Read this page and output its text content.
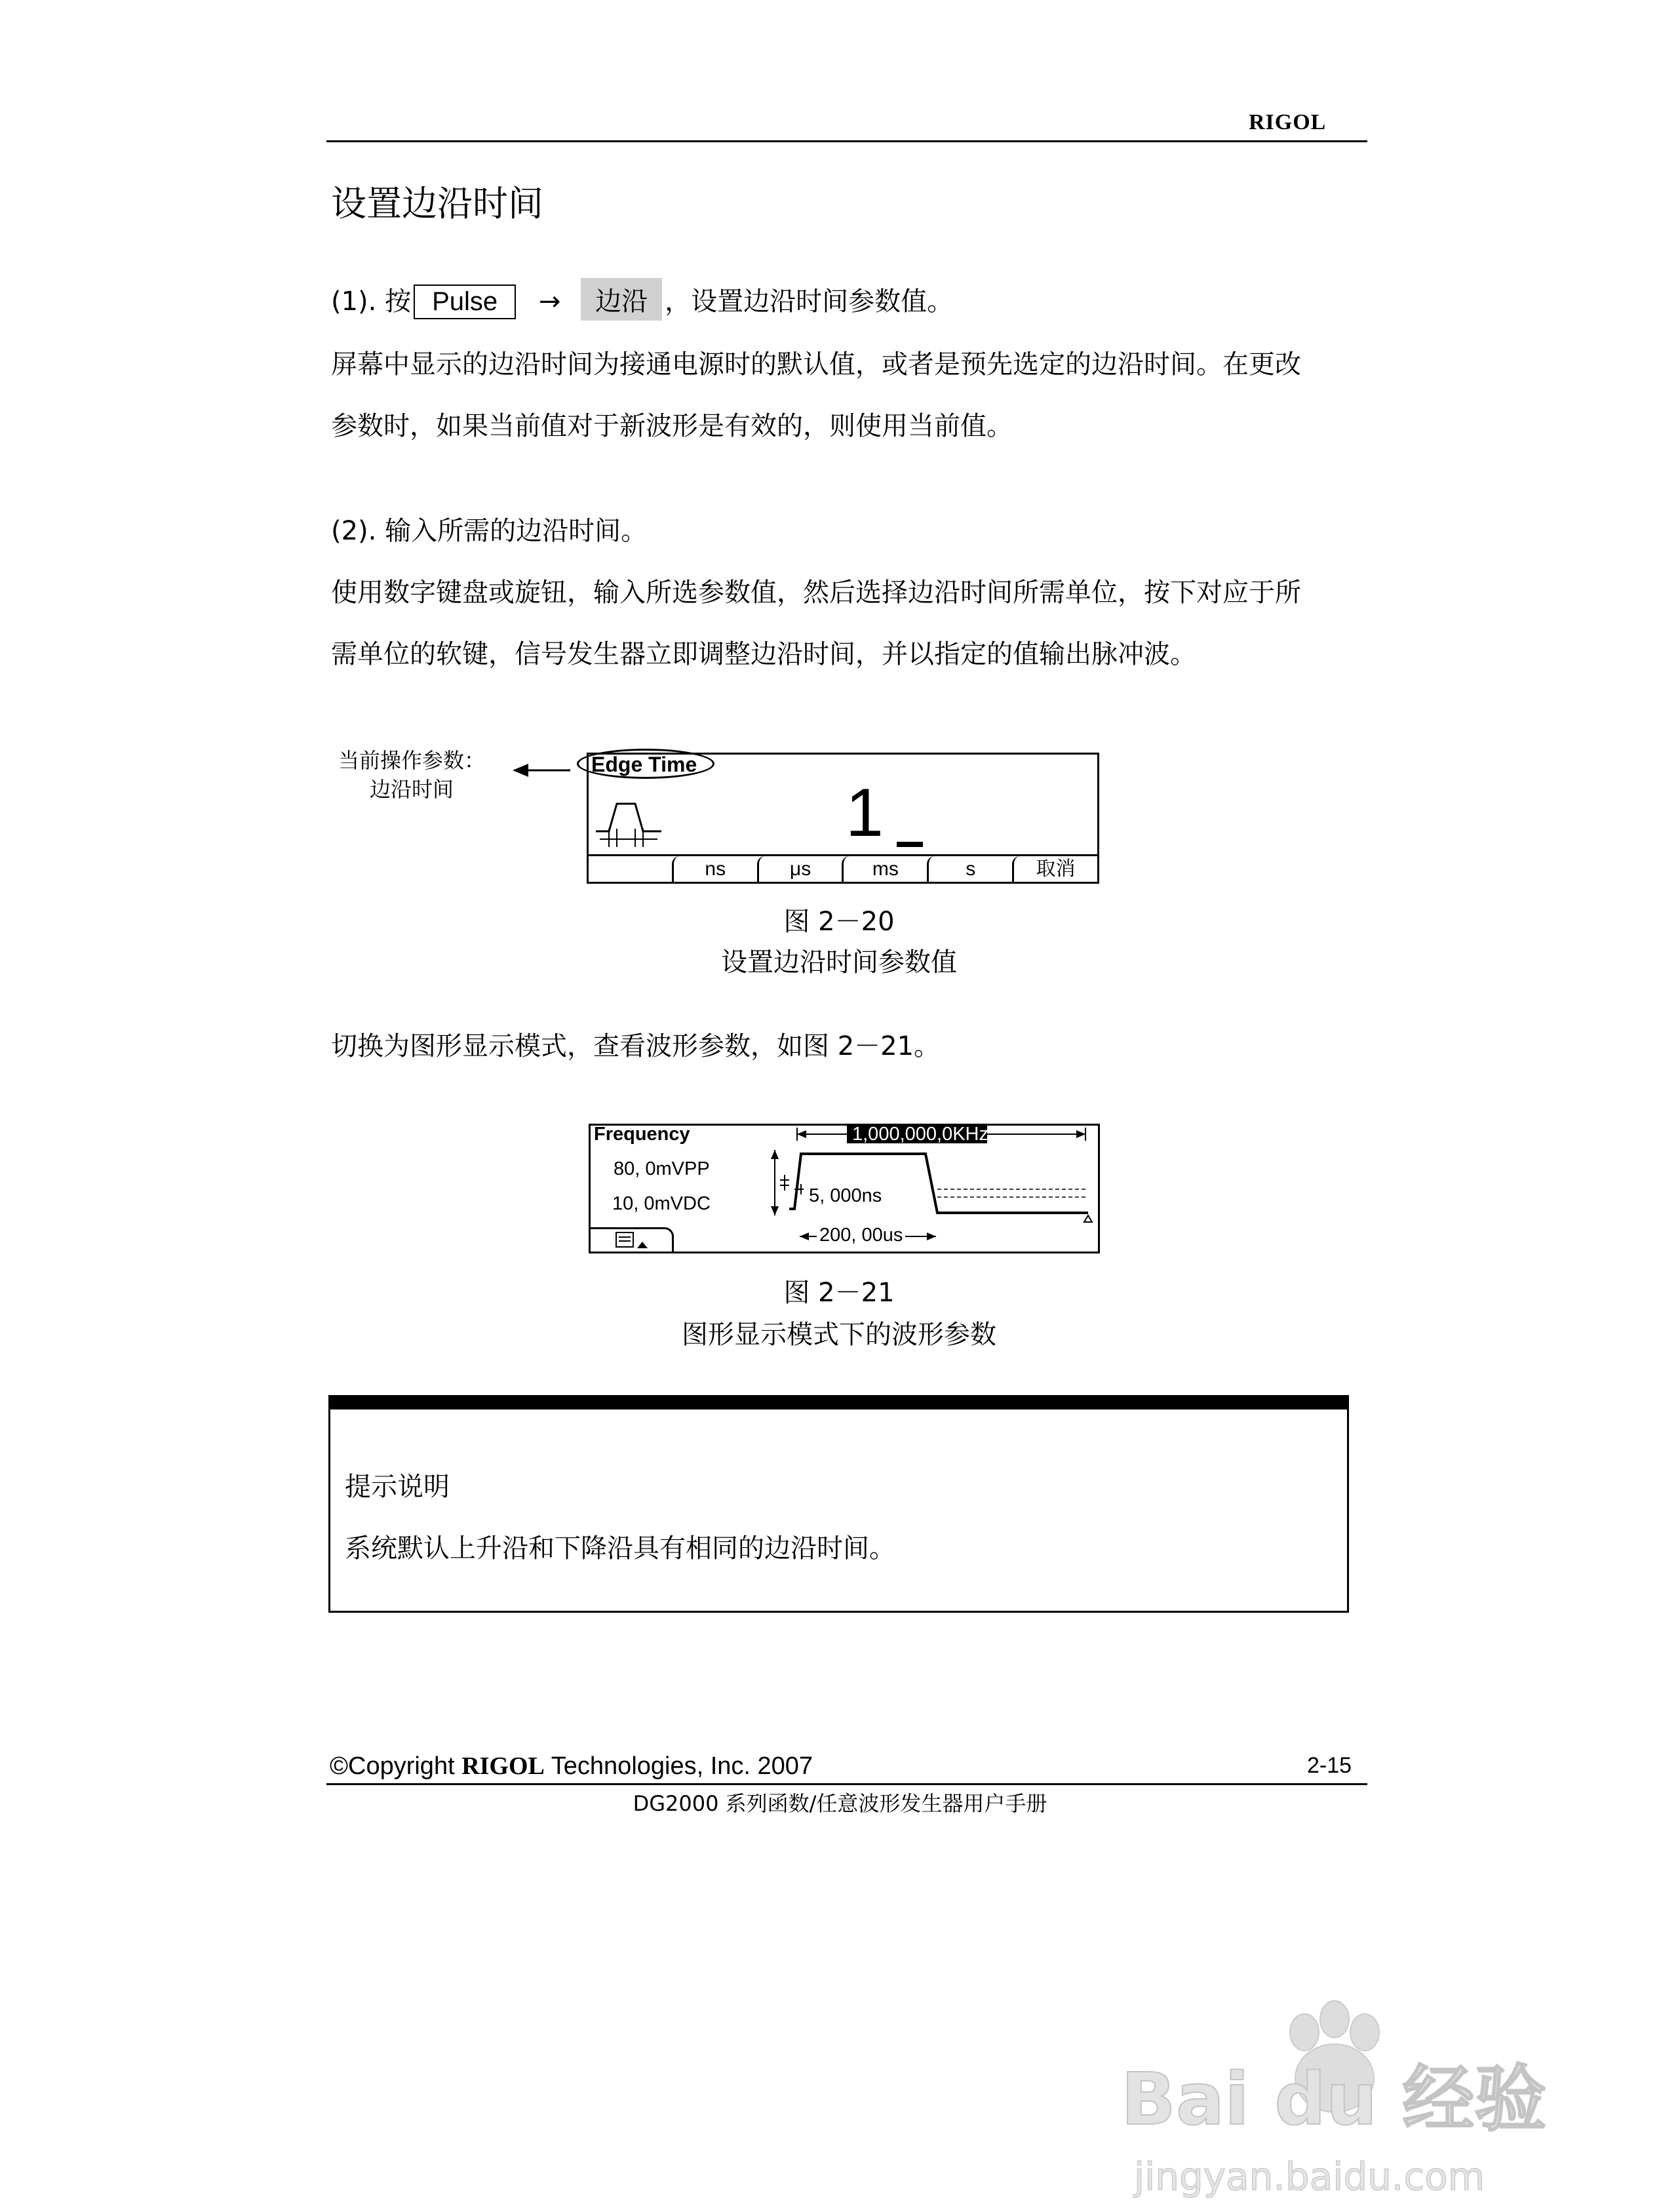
RIGOL
设置边沿时间
(1). 按 Pulse → 边沿 ，设置边沿时间参数值。
屏幕中显示的边沿时间为接通电源时的默认值，或者是预先选定的边沿时间。在更改
参数时，如果当前值对于新波形是有效的，则使用当前值。
(2). 输入所需的边沿时间。
使用数字键盘或旋钮，输入所选参数值，然后选择边沿时间所需单位，按下对应于所
需单位的软键，信号发生器立即调整边沿时间，并以指定的值输出脉冲波。
当前操作参数：
边沿时间
Edge Time
1
ns	μs	ms	s	取消
图 2－20
设置边沿时间参数值
切换为图形显示模式，查看波形参数，如图 2－21。
Frequency
80, 0mVPP
10, 0mVDC
1,000,000,0KHz
5, 000ns
200, 00us
图 2－21
图形显示模式下的波形参数
提示说明
系统默认上升沿和下降沿具有相同的边沿时间。
©Copyright RIGOL Technologies, Inc. 2007	2-15
DG2000 系列函数/任意波形发生器用户手册
Bai du 经验
jingyan.baidu.com
